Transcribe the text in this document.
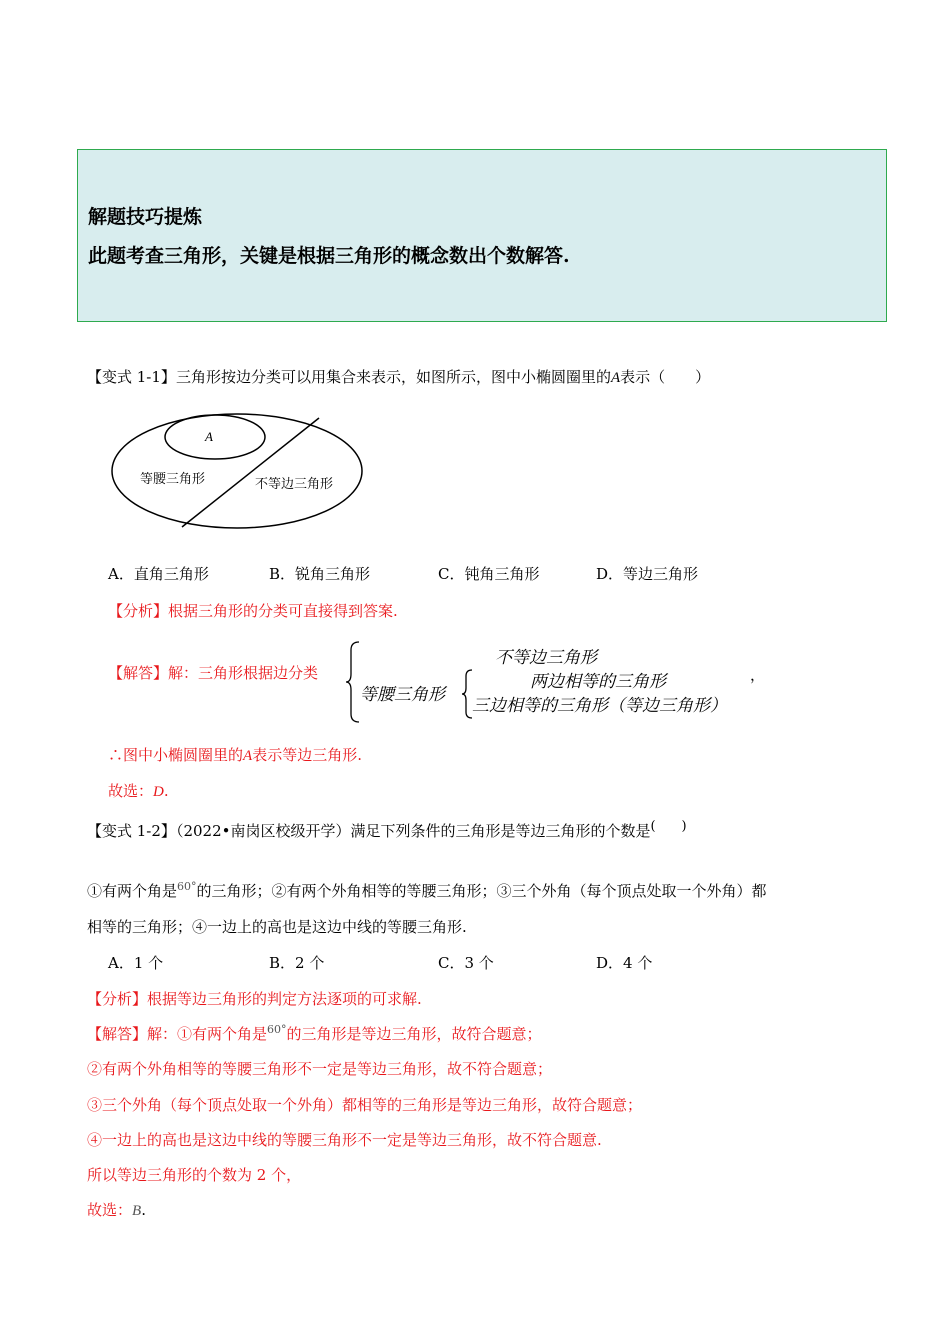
解题技巧提炼
此题考查三角形，关键是根据三角形的概念数出个数解答.
【变式 1-1】三角形按边分类可以用集合来表示，如图所示，图中小椭圆圈里的A表示（　　）
A
等腰三角形	不等边三角形
A．直角三角形	B．锐角三角形	C．钝角三角形	D．等边三角形
【分析】根据三角形的分类可直接得到答案.
【解答】解：三角形根据边分类
不等边三角形
等腰三角形
两边相等的三角形
三边相等的三角形（等边三角形）
，
∴图中小椭圆圈里的A表示等边三角形.
故选：D.
【变式 1-2】（2022•南岗区校级开学）满足下列条件的三角形是等边三角形的个数是(　　)
①有两个角是$^{60^\circ}$的三角形；②有两个外角相等的等腰三角形；③三个外角（每个顶点处取一个外角）都
相等的三角形；④一边上的高也是这边中线的等腰三角形.
A．1 个	B．2 个	C．3 个	D．4 个
【分析】根据等边三角形的判定方法逐项的可求解.
【解答】解：①有两个角是$^{60^\circ}$的三角形是等边三角形，故符合题意；
②有两个外角相等的等腰三角形不一定是等边三角形，故不符合题意；
③三个外角（每个顶点处取一个外角）都相等的三角形是等边三角形，故符合题意；
④一边上的高也是这边中线的等腰三角形不一定是等边三角形，故不符合题意.
所以等边三角形的个数为 2 个，
故选：B.
